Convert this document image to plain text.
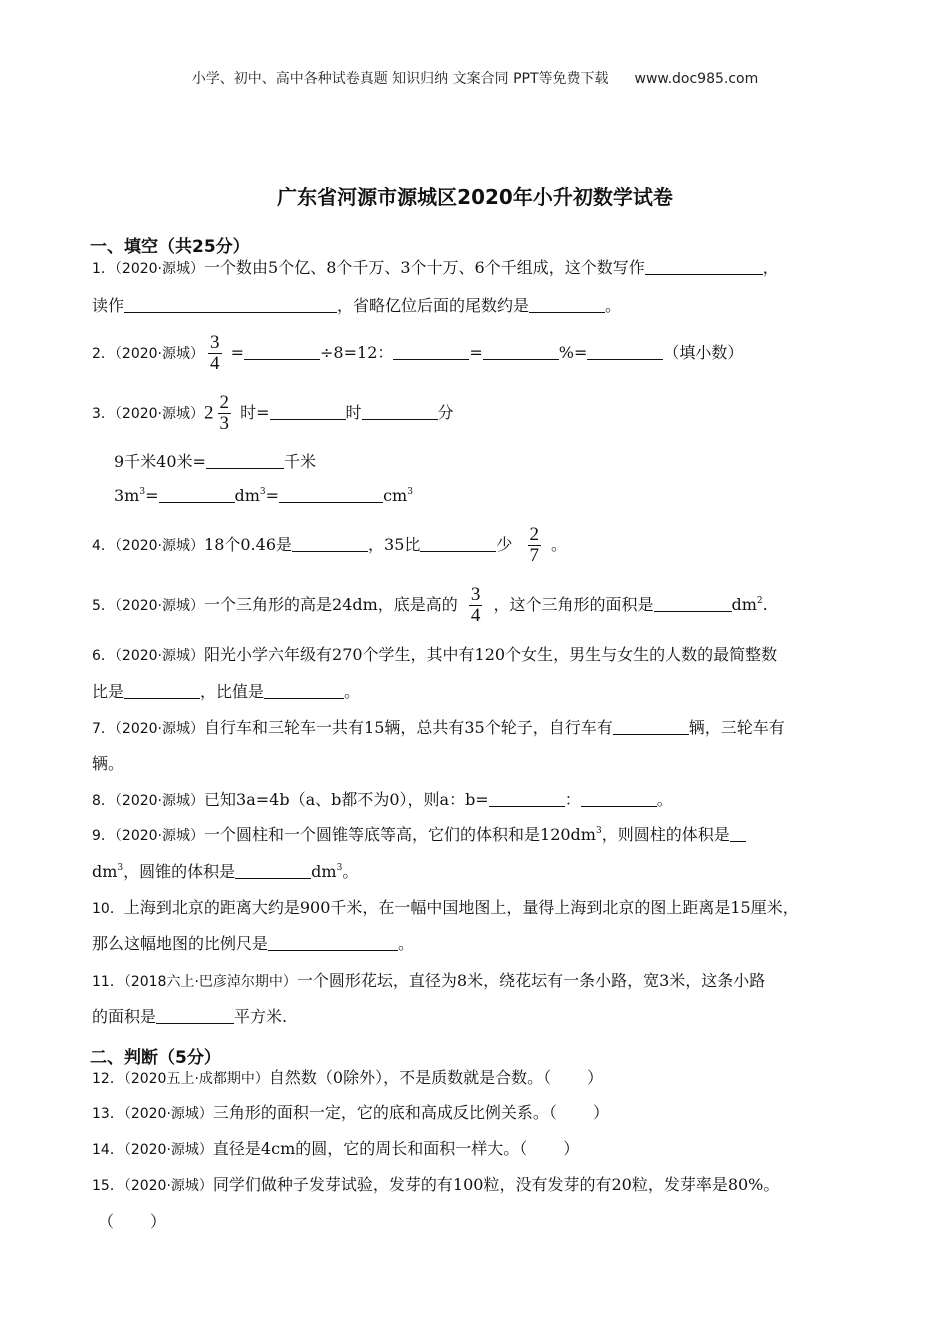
小学、初中、高中各种试卷真题 知识归纳 文案合同 PPT等免费下载 www.doc985.com
广东省河源市源城区2020年小升初数学试卷
一、填空（共25分）
1．（2020·源城）一个数由5个亿、8个千万、3个十万、6个千组成，这个数写作	，
读作	，省略亿位后面的尾数约是	。
2．（2020·源城） $\frac{3}{4}$ =	÷8=12：	=	%=	（填小数）
3．（2020·源城）$2 \frac{2}{3}$ 时=	时	分
9千米40米=	千米
$3m^3=$	$dm^3=$	$cm^3$
4．（2020·源城）18个0.46是	，35比	少 $\frac{2}{7}$ 。
5．（2020·源城）一个三角形的高是24dm，底是高的 $\frac{3}{4}$ ，这个三角形的面积是	$dm^2$.
6．（2020·源城）阳光小学六年级有270个学生，其中有120个女生，男生与女生的人数的最简整数
比是	，比值是	。
7．（2020·源城）自行车和三轮车一共有15辆，总共有35个轮子，自行车有	辆，三轮车有
辆。
8．（2020·源城）已知3a=4b（a、b都不为0），则a：b=	：	。
9．（2020·源城）一个圆柱和一个圆锥等底等高，它们的体积和是$120dm^3$，则圆柱的体积是
$dm^3$，圆锥的体积是	$dm^3$。
10．上海到北京的距离大约是900千米，在一幅中国地图上，量得上海到北京的图上距离是15厘米，
那么这幅地图的比例尺是	。
11．（2018六上·巴彦淖尔期中）一个圆形花坛，直径为8米，绕花坛有一条小路，宽3米，这条小路
的面积是	平方米.
二、判断（5分）
12．（2020五上·成都期中）自然数（0除外），不是质数就是合数。（ ）
13．（2020·源城）三角形的面积一定，它的底和高成反比例关系。（ ）
14．（2020·源城）直径是4cm的圆，它的周长和面积一样大。（ ）
15．（2020·源城）同学们做种子发芽试验，发芽的有100粒，没有发芽的有20粒，发芽率是80%。
（ ）
